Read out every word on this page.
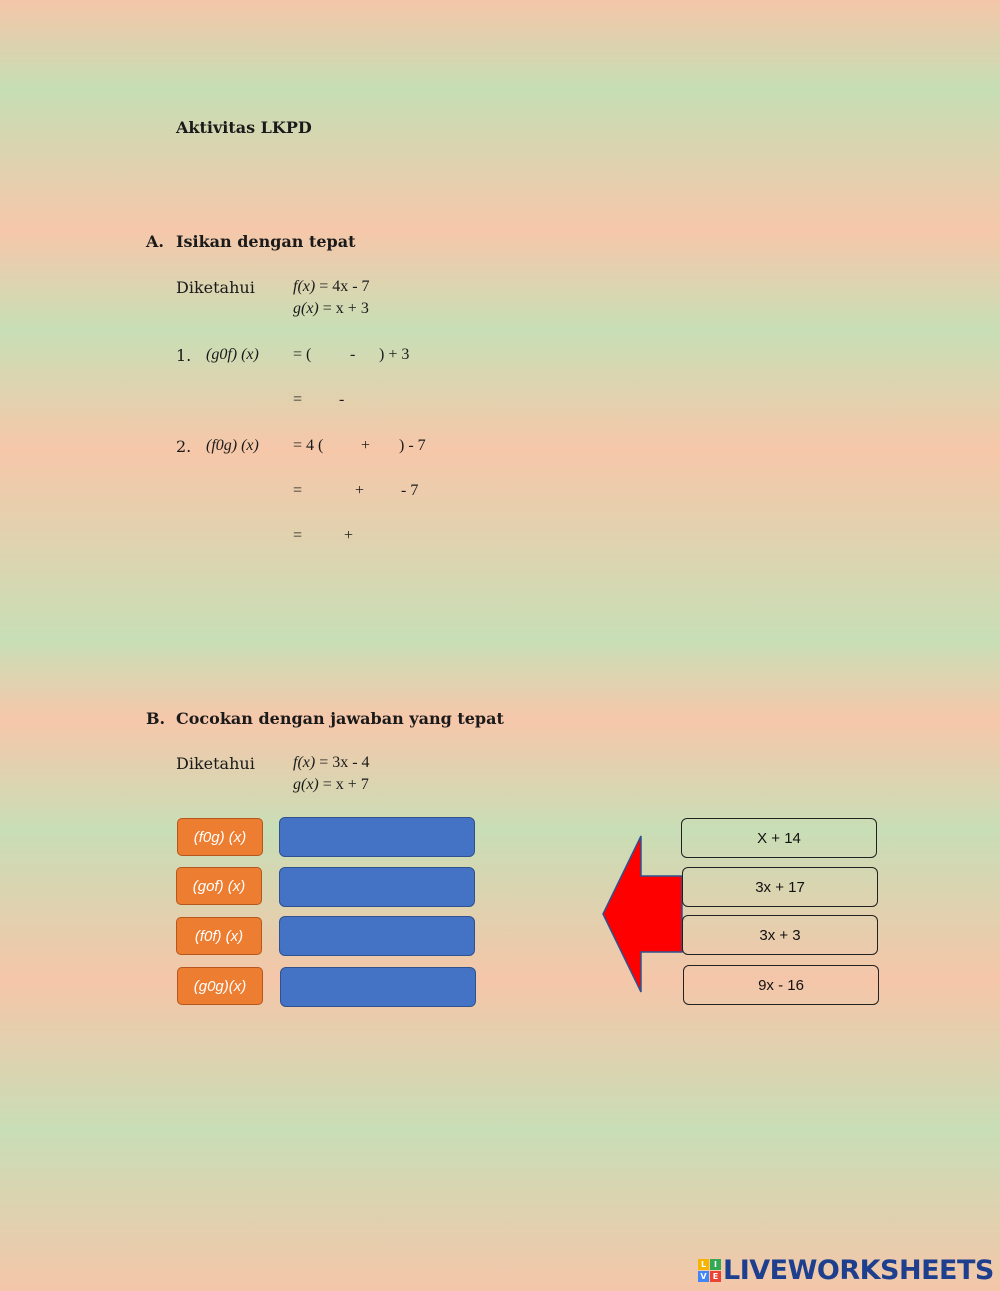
Aktivitas LKPD
A. Isikan dengan tepat
Diketahui f(x) = 4x - 7
g(x) = x + 3
1. (g0f) (x) = ( - ) + 3
= -
2. (f0g) (x) = 4 ( + ) - 7
=	+ - 7
=	+
B. Cocokan dengan jawaban yang tepat
Diketahui f(x) = 3x - 4
g(x) = x + 7
(f0g) (x)
(gof) (x)
(f0f) (x)
(g0g)(x)
X + 14
3x + 17
3x + 3
9x - 16
L I
V E LIVEWORKSHEETS
